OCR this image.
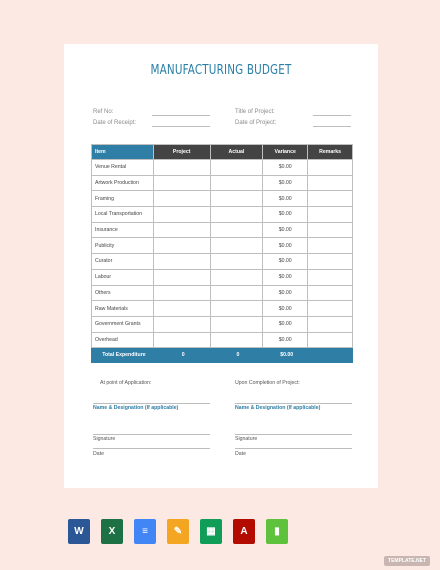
MANUFACTURING BUDGET
Ref No:
Date of Receipt:
Title of Project:
Date of Project:
Item	Project	Actual	Variance	Remarks
Venue Rental			$0.00	
Artwork Production			$0.00	
Framing			$0.00	
Local Transportation			$0.00	
Insurance			$0.00	
Publicity			$0.00	
Curator			$0.00	
Labour			$0.00	
Others			$0.00	
Raw Materials			$0.00	
Government Grants			$0.00	
Overhead			$0.00	
Total Expenditure	0	0	$0.00	
At point of Application:	Upon Completion of Project:
Name & Designation (If applicable)	Name & Designation (If applicable)
Signature	Signature
Date	Date
W	X	≡	✎	▦	A	▮
TEMPLATE.NET
